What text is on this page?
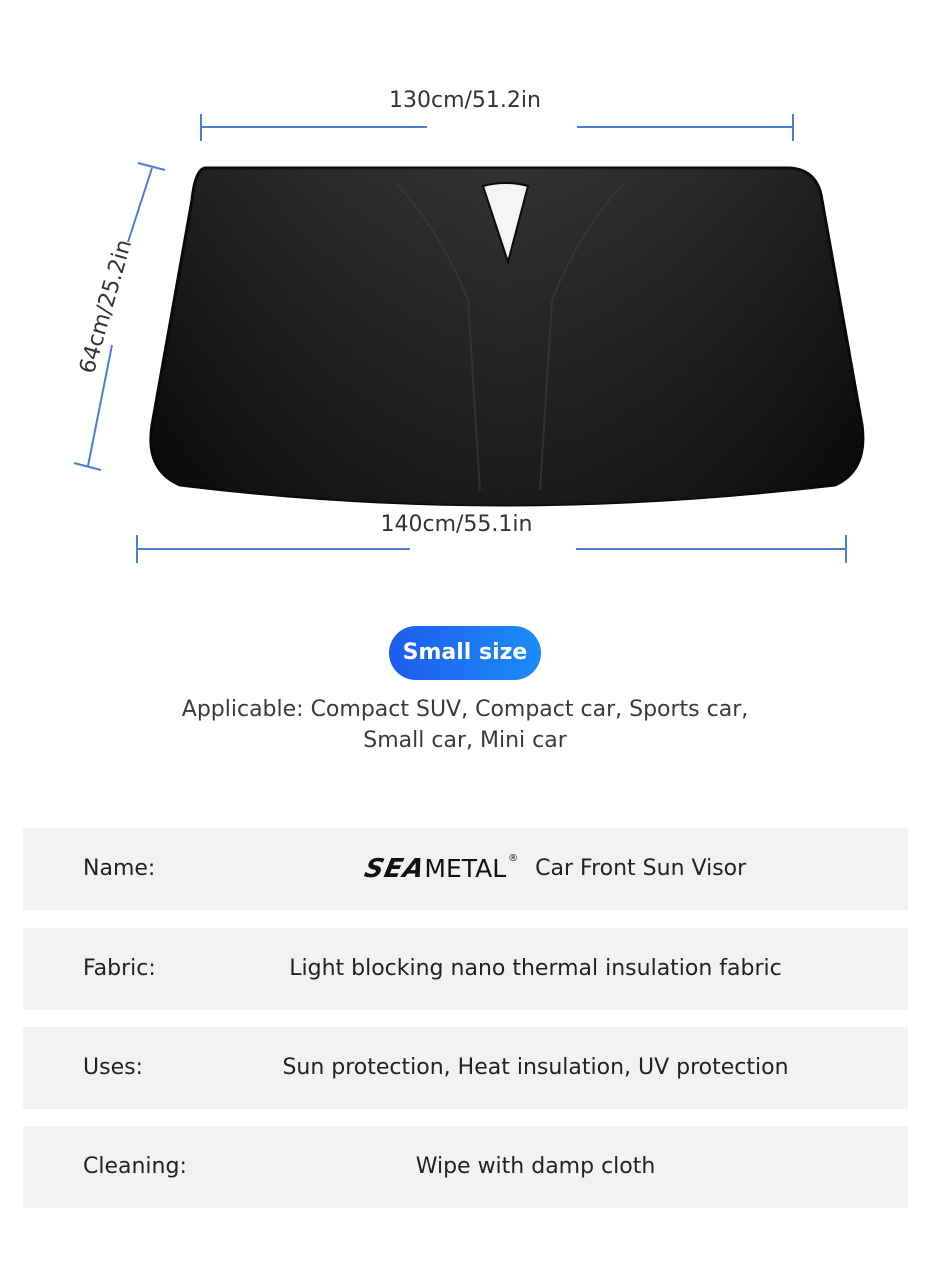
130cm/51.2in
140cm/55.1in
64cm/25.2in
Small size
Applicable: Compact SUV, Compact car, Sports car,
Small car, Mini car
Name:	SEA
METAL ® Car Front Sun Visor
Fabric:	Light blocking nano thermal insulation fabric
Uses:	Sun protection, Heat insulation, UV protection
Cleaning:	Wipe with damp cloth
